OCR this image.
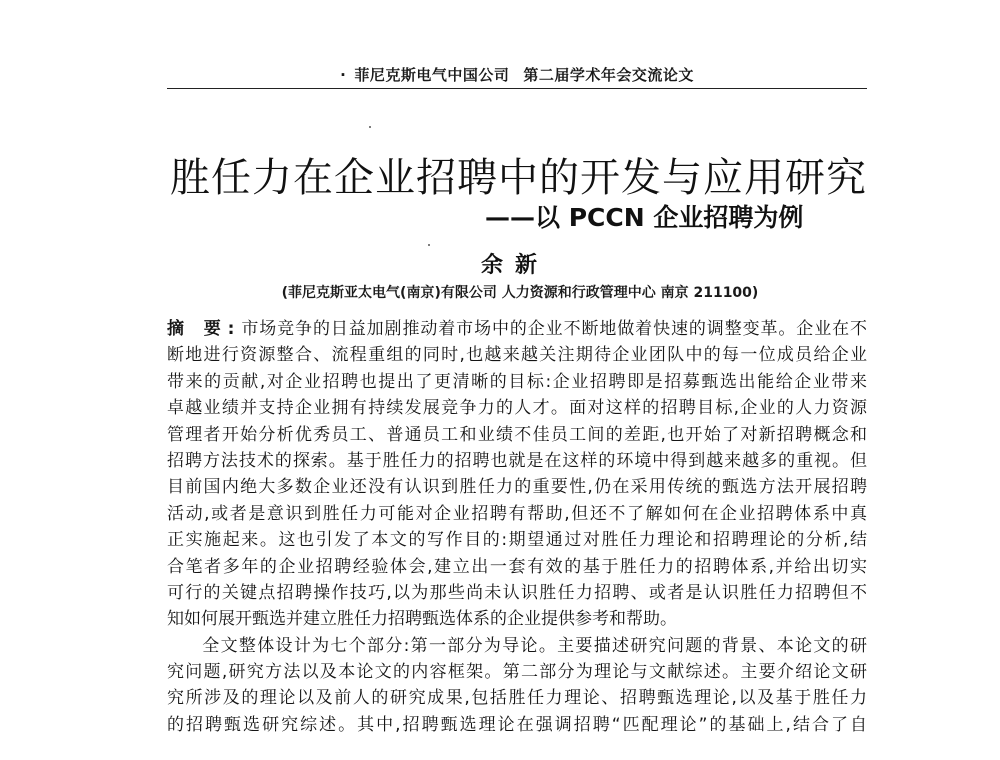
· 菲尼克斯电气中国公司 第二届学术年会交流论文
胜任力在企业招聘中的开发与应用研究
——以 PCCN 企业招聘为例
余新
(菲尼克斯亚太电气(南京)有限公司 人力资源和行政管理中心 南京 211100)
摘 要:市场竞争的日益加剧推动着市场中的企业不断地做着快速的调整变革。企业在不
断地进行资源整合、流程重组的同时,也越来越关注期待企业团队中的每一位成员给企业
带来的贡献,对企业招聘也提出了更清晰的目标:企业招聘即是招募甄选出能给企业带来
卓越业绩并支持企业拥有持续发展竞争力的人才。面对这样的招聘目标,企业的人力资源
管理者开始分析优秀员工、普通员工和业绩不佳员工间的差距,也开始了对新招聘概念和
招聘方法技术的探索。基于胜任力的招聘也就是在这样的环境中得到越来越多的重视。但
目前国内绝大多数企业还没有认识到胜任力的重要性,仍在采用传统的甄选方法开展招聘
活动,或者是意识到胜任力可能对企业招聘有帮助,但还不了解如何在企业招聘体系中真
正实施起来。这也引发了本文的写作目的:期望通过对胜任力理论和招聘理论的分析,结
合笔者多年的企业招聘经验体会,建立出一套有效的基于胜任力的招聘体系,并给出切实
可行的关键点招聘操作技巧,以为那些尚未认识胜任力招聘、或者是认识胜任力招聘但不
知如何展开甄选并建立胜任力招聘甄选体系的企业提供参考和帮助。
全文整体设计为七个部分:第一部分为导论。主要描述研究问题的背景、本论文的研
究问题,研究方法以及本论文的内容框架。第二部分为理论与文献综述。主要介绍论文研
究所涉及的理论以及前人的研究成果,包括胜任力理论、招聘甄选理论,以及基于胜任力
的招聘甄选研究综述。其中,招聘甄选理论在强调招聘“匹配理论”的基础上,结合了自
